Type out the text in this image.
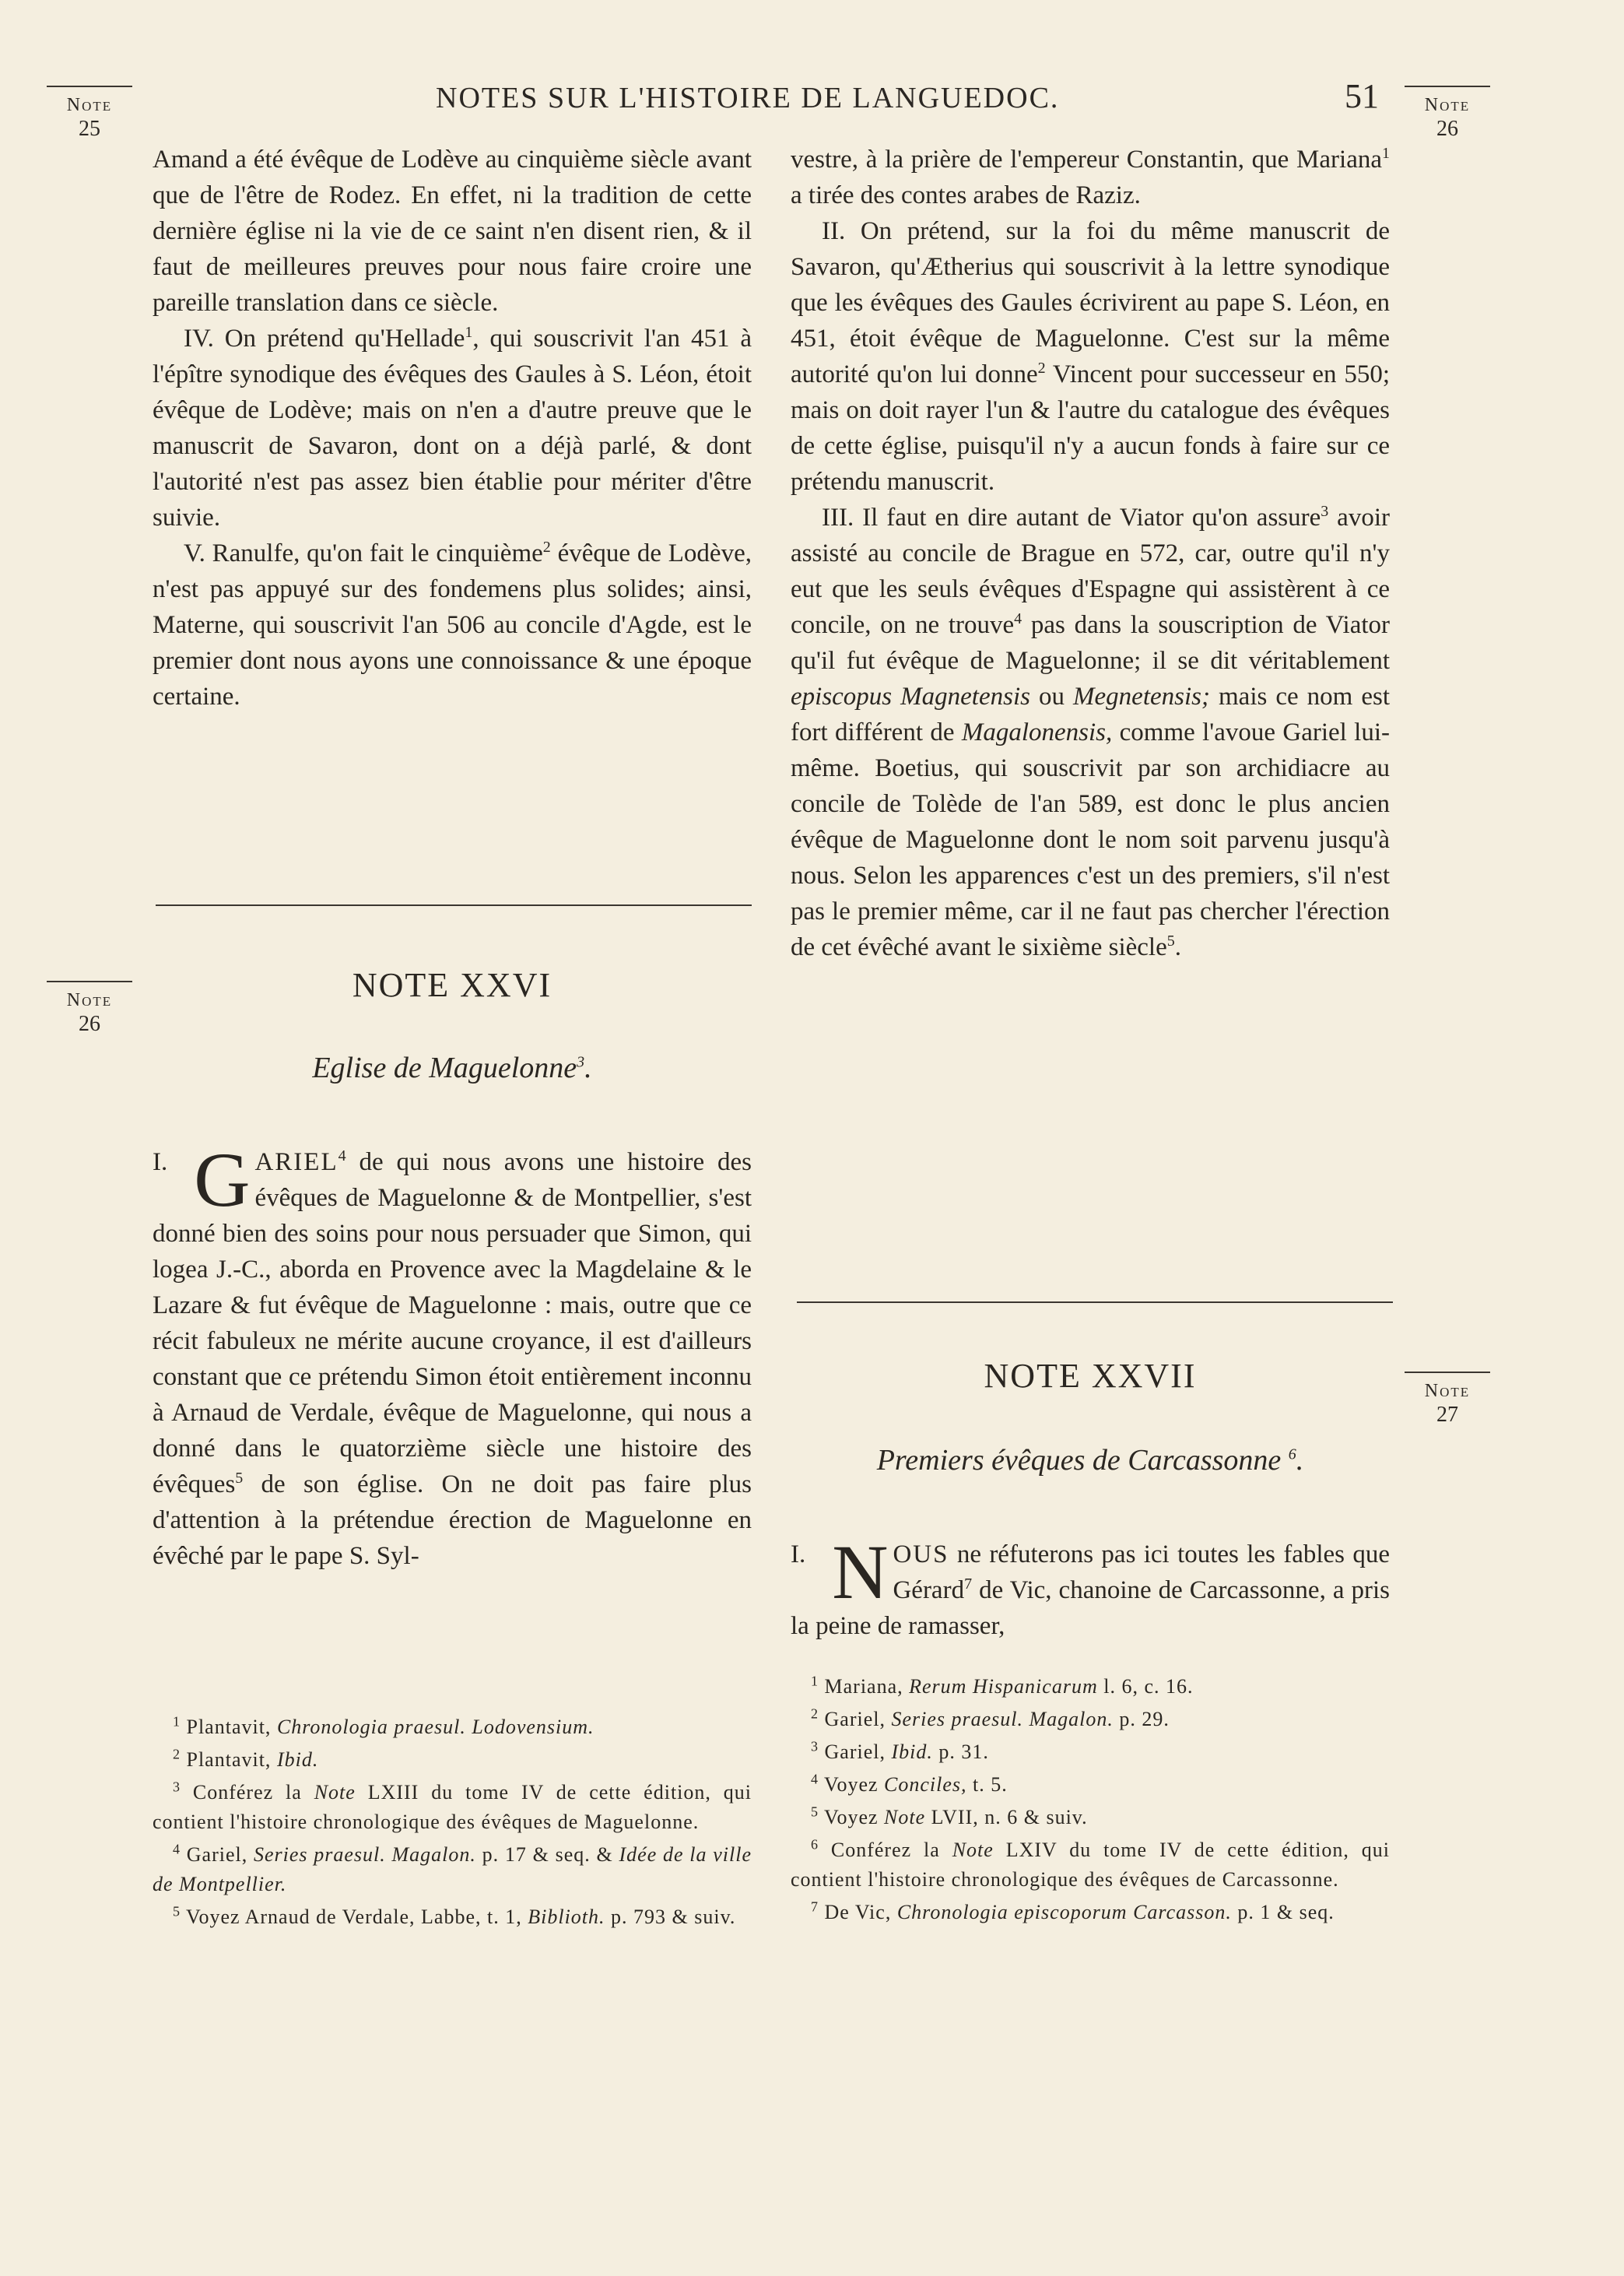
NOTES SUR L'HISTOIRE DE LANGUEDOC.	51
Note
25
Note
26
Note
26
Note
27

Amand a été évêque de Lodève au cinquième siècle avant que de l'être de Rodez. En effet, ni la tradition de cette dernière église ni la vie de ce saint n'en disent rien, & il faut de meilleures preuves pour nous faire croire une pareille translation dans ce siècle.

IV. On prétend qu'Hellade$^1$, qui souscrivit l'an 451 à l'épître synodique des évêques des Gaules à S. Léon, étoit évêque de Lodève; mais on n'en a d'autre preuve que le manuscrit de Savaron, dont on a déjà parlé, & dont l'autorité n'est pas assez bien établie pour mériter d'être suivie.

V. Ranulfe, qu'on fait le cinquième$^2$ évêque de Lodève, n'est pas appuyé sur des fondemens plus solides; ainsi, Materne, qui souscrivit l'an 506 au concile d'Agde, est le premier dont nous ayons une connoissance & une époque certaine.

NOTE XXVI
Eglise de Maguelonne$^3$.
I. G ARIEL$^4$ de qui nous avons une histoire des évêques de Maguelonne & de Montpellier, s'est donné bien des soins pour nous persuader que Simon, qui logea J.-C., aborda en Provence avec la Magdelaine & le Lazare & fut évêque de Maguelonne : mais, outre que ce récit fabuleux ne mérite aucune croyance, il est d'ailleurs constant que ce prétendu Simon étoit entièrement inconnu à Arnaud de Verdale, évêque de Maguelonne, qui nous a donné dans le quatorzième siècle une histoire des évêques$^5$ de son église. On ne doit pas faire plus d'attention à la prétendue érection de Maguelonne en évêché par le pape S. Syl-

$^1$ Plantavit, Chronologia praesul. Lodovensium.

$^2$ Plantavit, Ibid.

$^3$ Conférez la Note LXIII du tome IV de cette édition, qui contient l'histoire chronologique des évêques de Maguelonne.

$^4$ Gariel, Series praesul. Magalon. p. 17 & seq. & Idée de la ville de Montpellier.

$^5$ Voyez Arnaud de Verdale, Labbe, t. 1, Biblioth. p. 793 & suiv.

vestre, à la prière de l'empereur Constantin, que Mariana$^1$ a tirée des contes arabes de Raziz.

II. On prétend, sur la foi du même manuscrit de Savaron, qu'Ætherius qui souscrivit à la lettre synodique que les évêques des Gaules écrivirent au pape S. Léon, en 451, étoit évêque de Maguelonne. C'est sur la même autorité qu'on lui donne$^2$ Vincent pour successeur en 550; mais on doit rayer l'un & l'autre du catalogue des évêques de cette église, puisqu'il n'y a aucun fonds à faire sur ce prétendu manuscrit.

III. Il faut en dire autant de Viator qu'on assure$^3$ avoir assisté au concile de Brague en 572, car, outre qu'il n'y eut que les seuls évêques d'Espagne qui assistèrent à ce concile, on ne trouve$^4$ pas dans la souscription de Viator qu'il fut évêque de Maguelonne; il se dit véritablement episcopus Magnetensis ou Megnetensis; mais ce nom est fort différent de Magalonensis, comme l'avoue Gariel lui-même. Boetius, qui souscrivit par son archidiacre au concile de Tolède de l'an 589, est donc le plus ancien évêque de Maguelonne dont le nom soit parvenu jusqu'à nous. Selon les apparences c'est un des premiers, s'il n'est pas le premier même, car il ne faut pas chercher l'érection de cet évêché avant le sixième siècle$^5$.

NOTE XXVII
Premiers évêques de Carcassonne $^6$.
I. N OUS ne réfuterons pas ici toutes les fables que Gérard$^7$ de Vic, chanoine de Carcassonne, a pris la peine de ramasser,

$^1$ Mariana, Rerum Hispanicarum l. 6, c. 16.

$^2$ Gariel, Series praesul. Magalon. p. 29.

$^3$ Gariel, Ibid. p. 31.

$^4$ Voyez Conciles, t. 5.

$^5$ Voyez Note LVII, n. 6 & suiv.

$^6$ Conférez la Note LXIV du tome IV de cette édition, qui contient l'histoire chronologique des évêques de Carcassonne.

$^7$ De Vic, Chronologia episcoporum Carcasson. p. 1 & seq.
